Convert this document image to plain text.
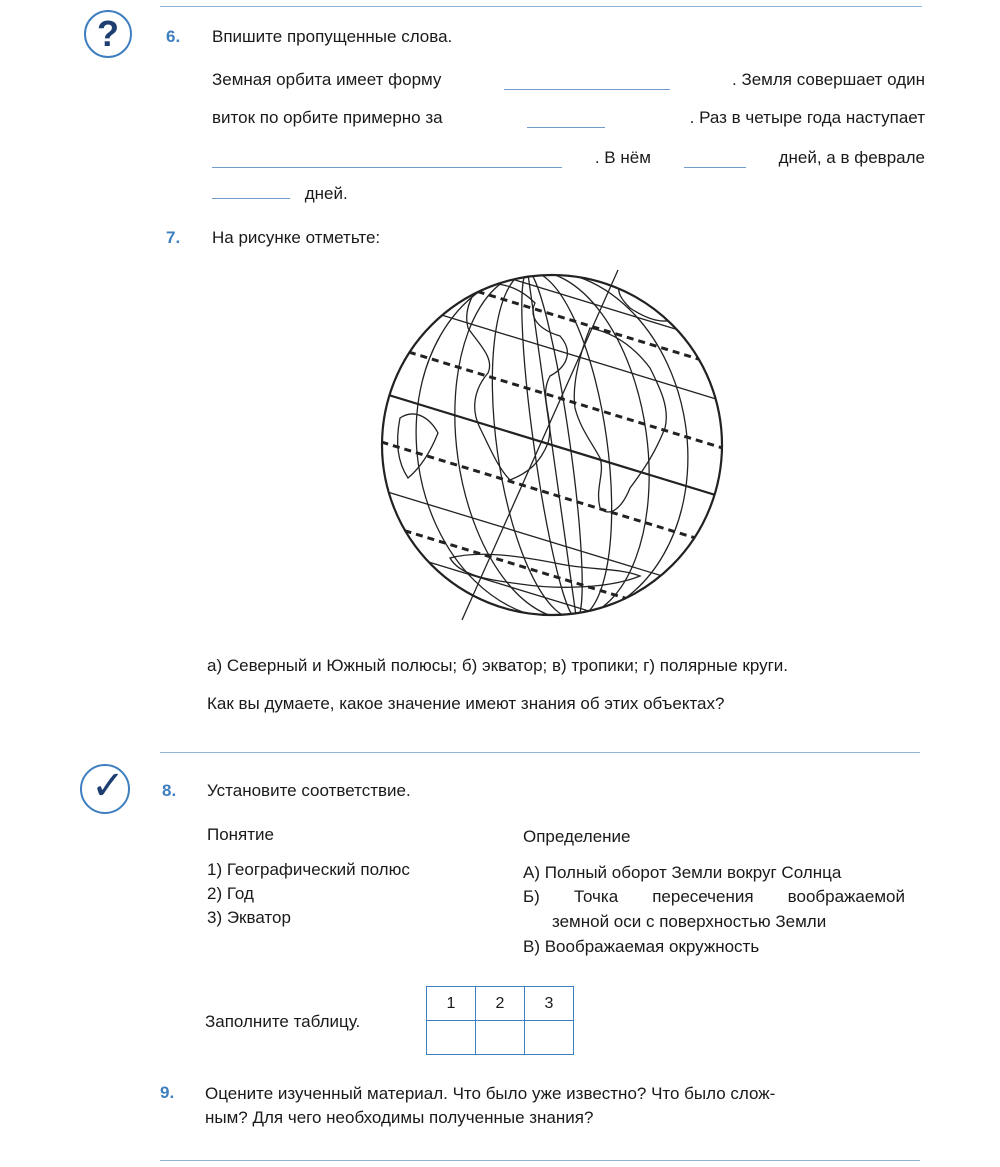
?	6. Впишите пропущенные слова.
Земная орбита имеет форму	. Земля совершает один
виток по орбите примерно за	. Раз в четыре года наступает
. В нём	дней, а в феврале
дней.
7. На рисунке отметьте:
а) Северный и Южный полюсы; б) экватор; в) тропики; г) полярные круги.
Как вы думаете, какое значение имеют знания об этих объектах?
✓	8. Установите соответствие.
Понятие
1) Географический полюс
2) Год
3) Экватор
Определение
А) Полный оборот Земли вокруг Солнца
Б) Точка пересечения воображаемой
земной оси с поверхностью Земли
В) Воображаемая окружность
Заполните таблицу.
1	2	3

9. Оцените изученный материал. Что было уже известно? Что было слож-
ным? Для чего необходимы полученные знания?
